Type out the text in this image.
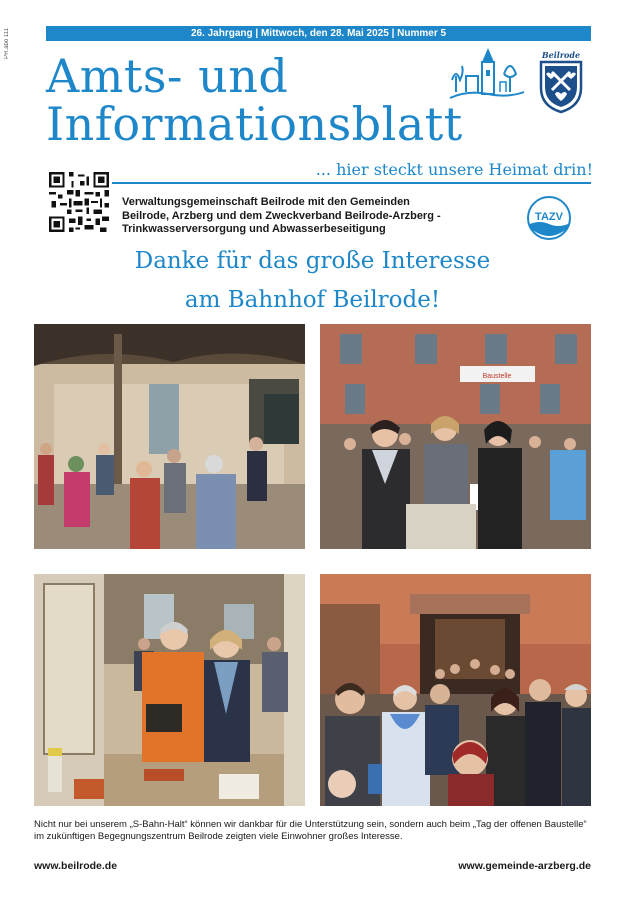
PR.abo 111	26. Jahrgang | Mittwoch, den 28. Mai 2025 | Nummer 5
Beilrode
Amts- und
Informationsblatt
... hier steckt unsere Heimat drin!
Verwaltungsgemeinschaft Beilrode mit den Gemeinden
Beilrode, Arzberg und dem Zweckverband Beilrode-Arzberg -
Trinkwasserversorgung und Abwasserbeseitigung
TAZV
Danke für das große Interesse
am Bahnhof Beilrode!
Baustelle
Nicht nur bei unserem „S-Bahn-Halt“ können wir dankbar für die Unterstützung sein, sondern auch beim „Tag der offenen Baustelle“
im zukünftigen Begegnungszentrum Beilrode zeigten viele Einwohner großes Interesse.
www.beilrode.de	www.gemeinde-arzberg.de
